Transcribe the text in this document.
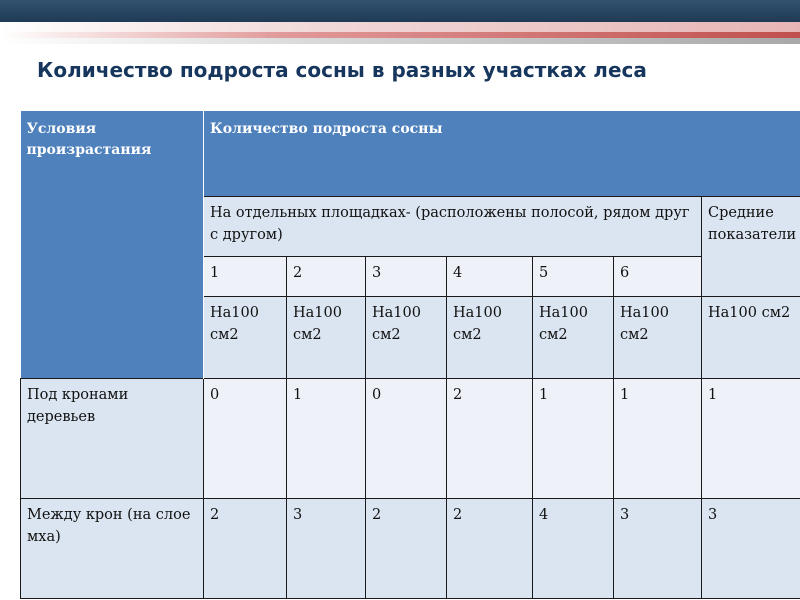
Количество подроста сосны в разных участках леса
Условия произрастания	Количество подроста сосны						
	На отдельных площадках- (расположены полосой, рядом друг с другом)						Средние показатели
	1	2	3	4	5	6	
	На100 см2	На100 см2	На100 см2	На100 см2	На100 см2	На100 см2	На100 см2
Под кронами деревьев	0	1	0	2	1	1	1
Между крон (на слое мха)	2	3	2	2	4	3	3
